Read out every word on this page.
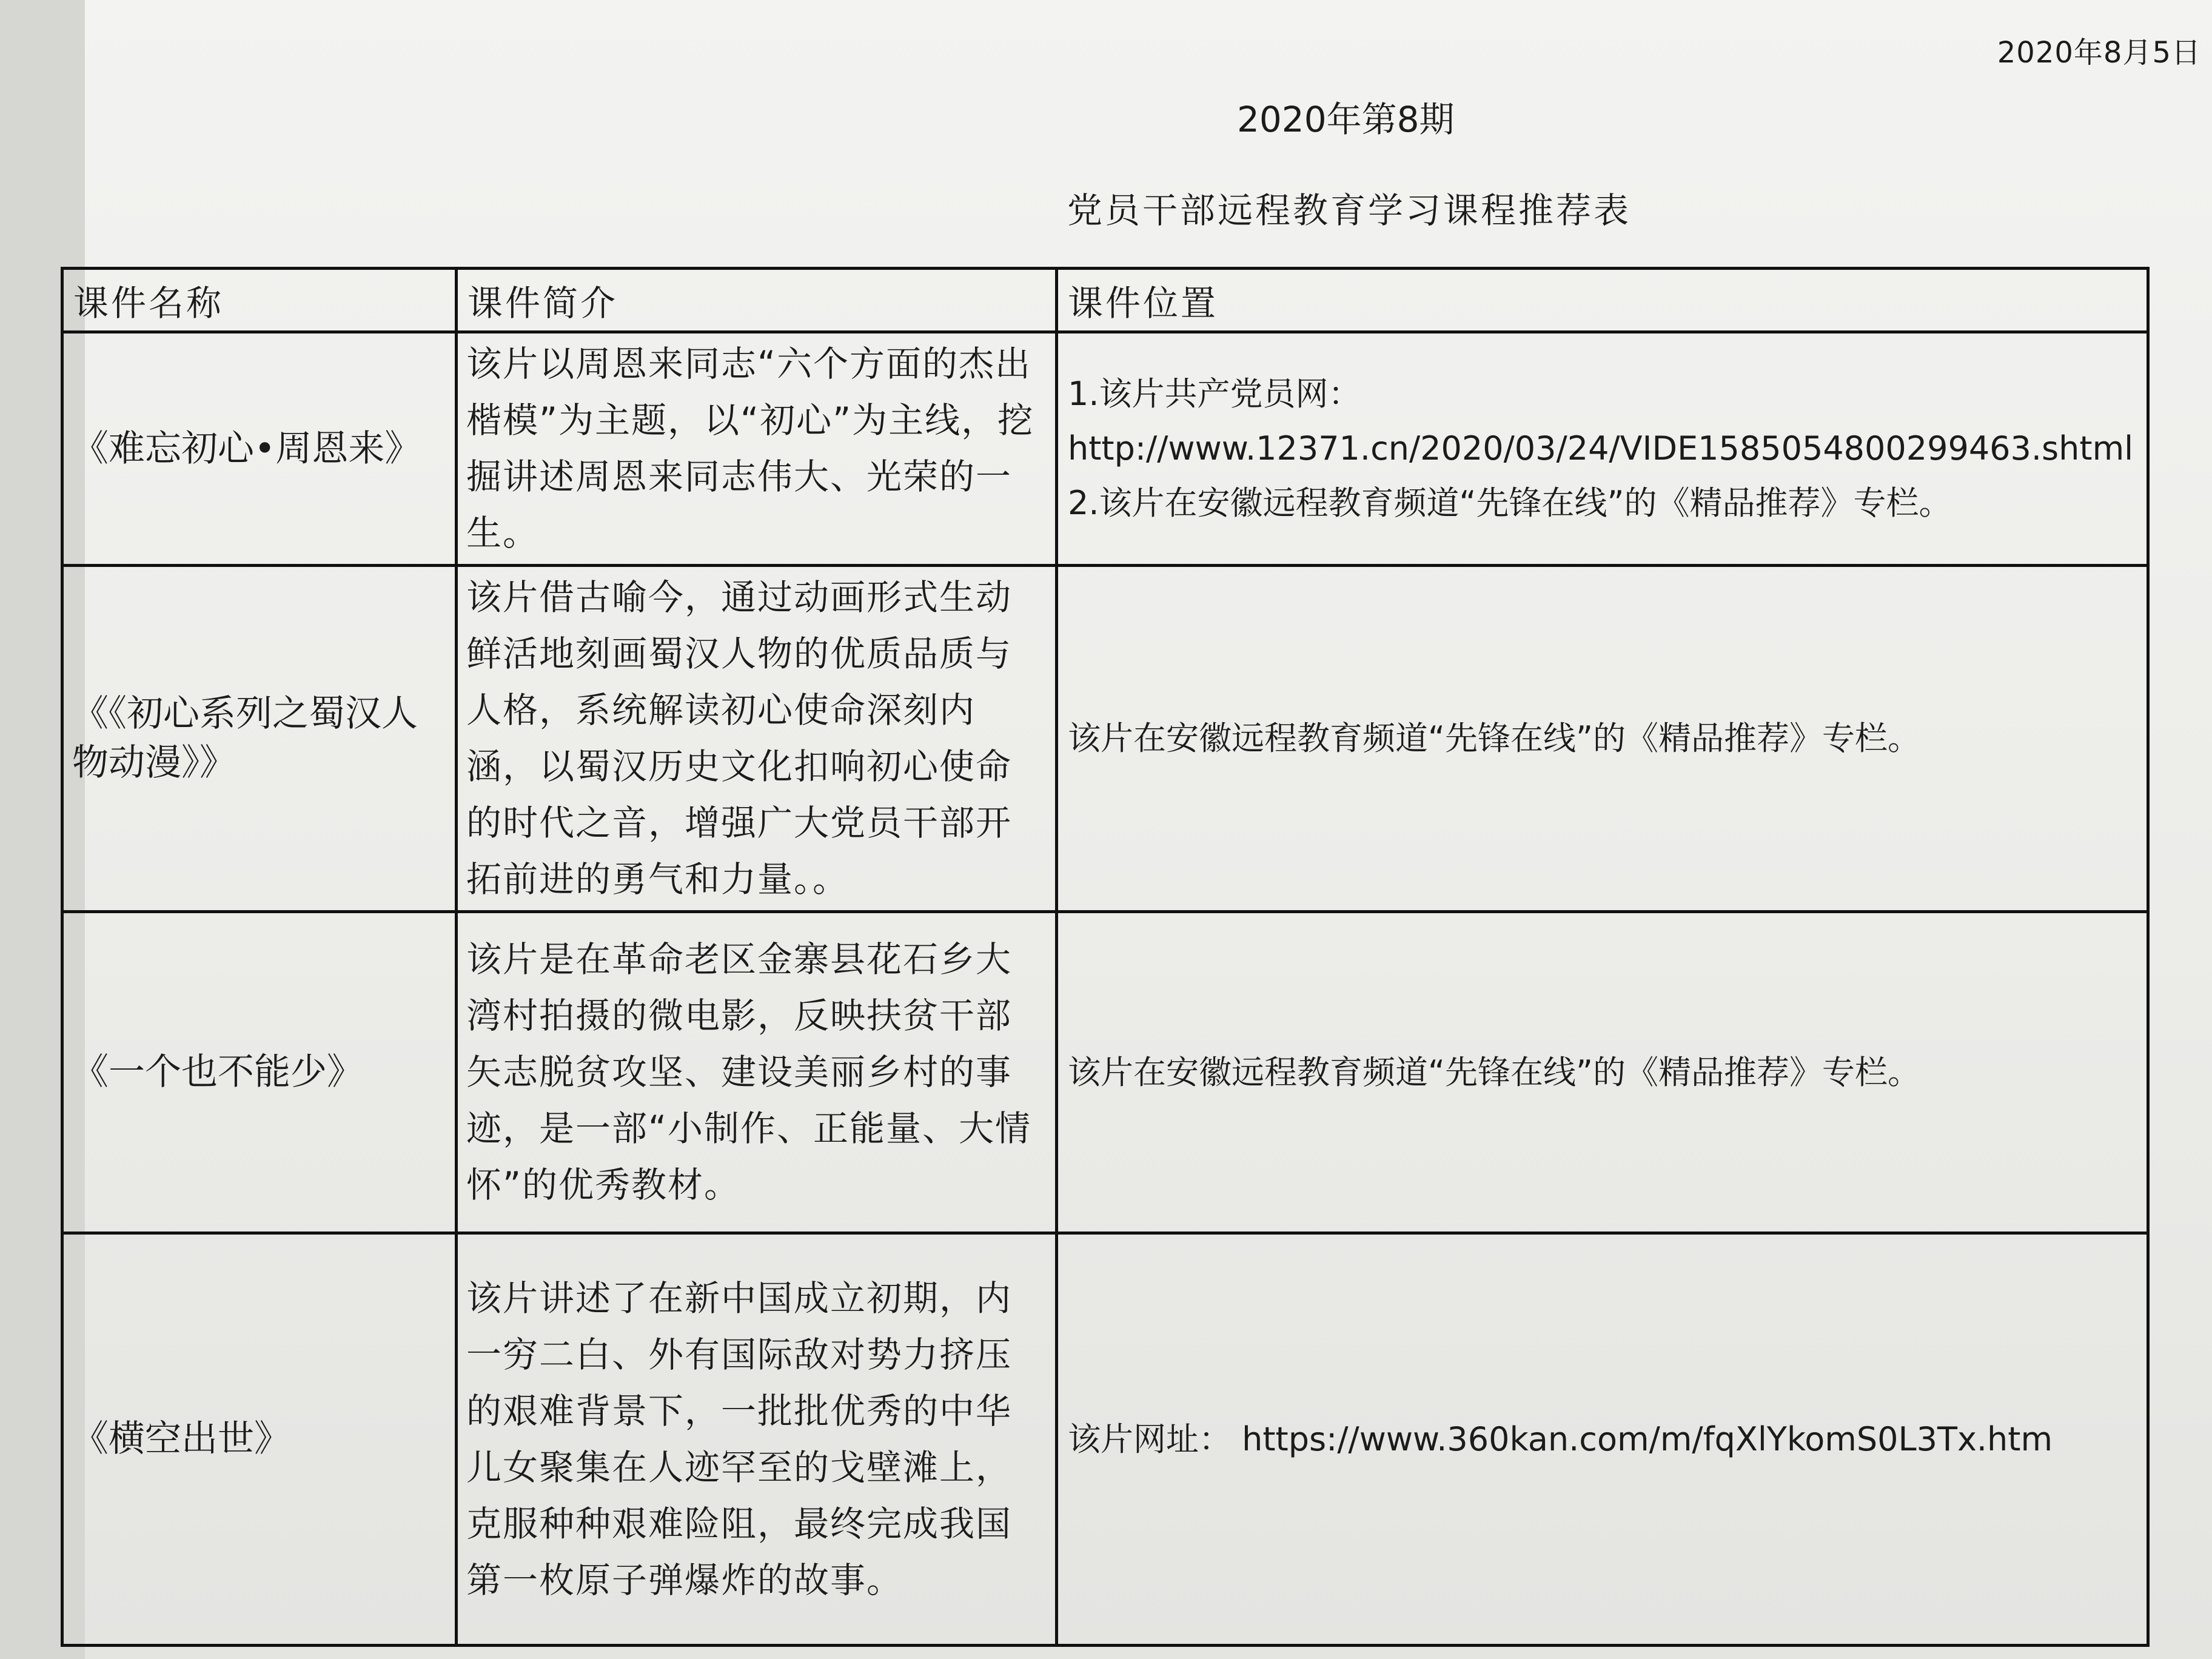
2020年8月5日
2020年第8期
党员干部远程教育学习课程推荐表
课件名称	课件简介	课件位置
《难忘初心•周恩来》	该片以周恩来同志“六个方面的杰出楷模”为主题，以“初心”为主线，挖掘讲述周恩来同志伟大、光荣的一生。	1.该片共产党员网：
http://www.12371.cn/2020/03/24/VIDE1585054800299463.shtml
2.该片在安徽远程教育频道“先锋在线”的《精品推荐》专栏。

《《初心系列之蜀汉人物动漫》》	该片借古喻今，通过动画形式生动鲜活地刻画蜀汉人物的优质品质与人格，系统解读初心使命深刻内涵，以蜀汉历史文化扣响初心使命的时代之音，增强广大党员干部开拓前进的勇气和力量。。	该片在安徽远程教育频道“先锋在线”的《精品推荐》专栏。

《一个也不能少》	该片是在革命老区金寨县花石乡大湾村拍摄的微电影，反映扶贫干部矢志脱贫攻坚、建设美丽乡村的事迹，是一部“小制作、正能量、大情怀”的优秀教材。	该片在安徽远程教育频道“先锋在线”的《精品推荐》专栏。

《横空出世》	该片讲述了在新中国成立初期，内一穷二白、外有国际敌对势力挤压的艰难背景下，一批批优秀的中华儿女聚集在人迹罕至的戈壁滩上，克服种种艰难险阻，最终完成我国第一枚原子弹爆炸的故事。	该片网址： https://www.360kan.com/m/fqXlYkomS0L3Tx.htm
